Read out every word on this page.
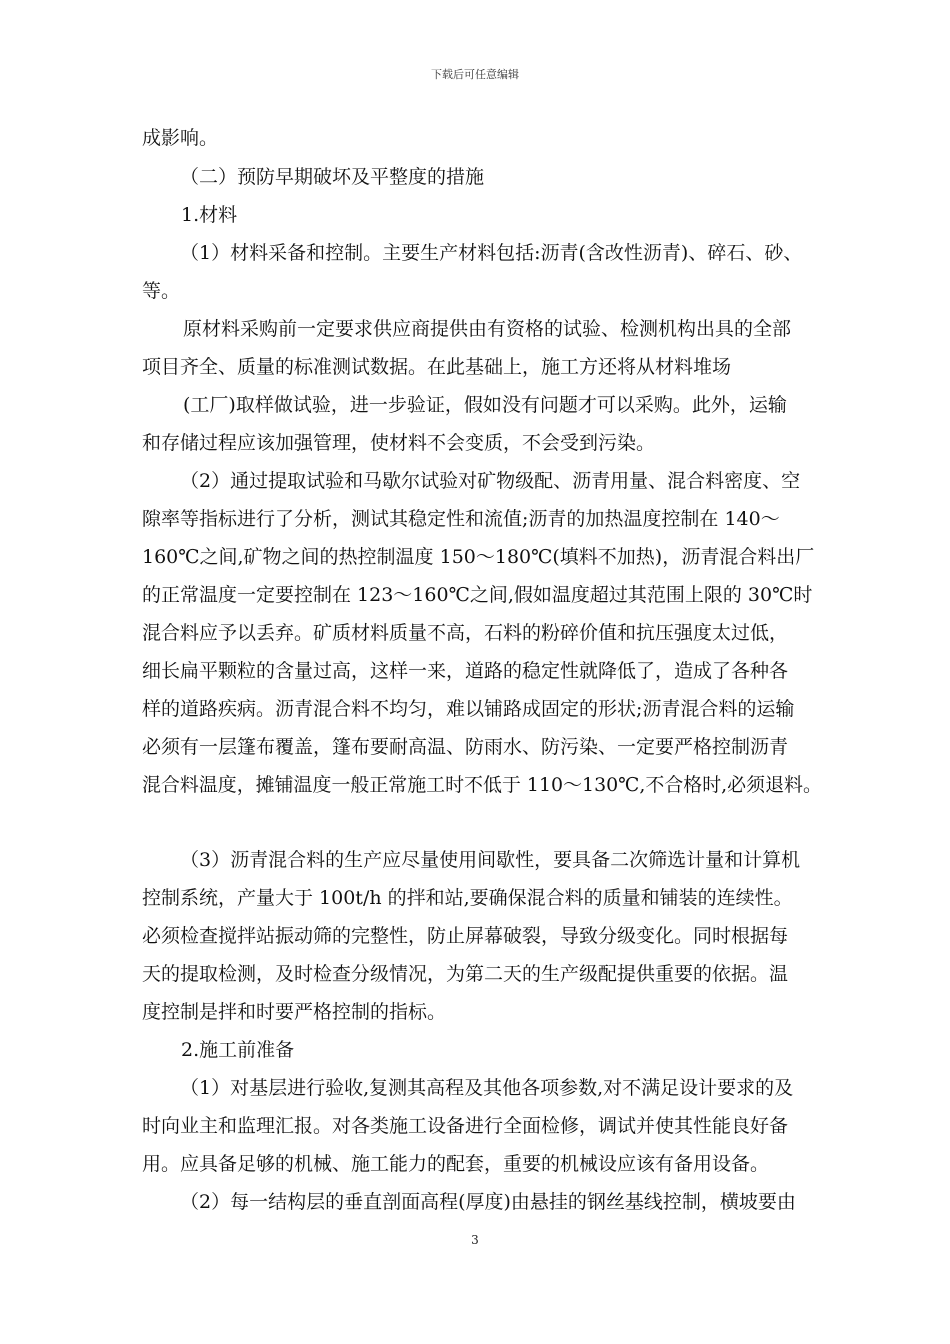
下载后可任意编辑
成影响。
（二）预防早期破坏及平整度的措施
1.材料
（1）材料采备和控制。主要生产材料包括:沥青(含改性沥青)、碎石、砂、
等。
原材料采购前一定要求供应商提供由有资格的试验、检测机构出具的全部
项目齐全、质量的标准测试数据。在此基础上，施工方还将从材料堆场
(工厂)取样做试验，进一步验证，假如没有问题才可以采购。此外，运输
和存储过程应该加强管理，使材料不会变质，不会受到污染。
（2）通过提取试验和马歇尔试验对矿物级配、沥青用量、混合料密度、空
隙率等指标进行了分析，测试其稳定性和流值;沥青的加热温度控制在 140～
160℃之间,矿物之间的热控制温度 150～180℃(填料不加热)，沥青混合料出厂
的正常温度一定要控制在 123～160℃之间,假如温度超过其范围上限的 30℃时
混合料应予以丢弃。矿质材料质量不高，石料的粉碎价值和抗压强度太过低，
细长扁平颗粒的含量过高，这样一来，道路的稳定性就降低了，造成了各种各
样的道路疾病。沥青混合料不均匀，难以铺路成固定的形状;沥青混合料的运输
必须有一层篷布覆盖，篷布要耐高温、防雨水、防污染、一定要严格控制沥青
混合料温度，摊铺温度一般正常施工时不低于 110～130℃,不合格时,必须退料。
（3）沥青混合料的生产应尽量使用间歇性，要具备二次筛选计量和计算机
控制系统，产量大于 100t/h 的拌和站,要确保混合料的质量和铺装的连续性。
必须检查搅拌站振动筛的完整性，防止屏幕破裂，导致分级变化。同时根据每
天的提取检测，及时检查分级情况，为第二天的生产级配提供重要的依据。温
度控制是拌和时要严格控制的指标。
2.施工前准备
（1）对基层进行验收,复测其高程及其他各项参数,对不满足设计要求的及
时向业主和监理汇报。对各类施工设备进行全面检修，调试并使其性能良好备
用。应具备足够的机械、施工能力的配套，重要的机械设应该有备用设备。
（2）每一结构层的垂直剖面高程(厚度)由悬挂的钢丝基线控制，横坡要由
3
